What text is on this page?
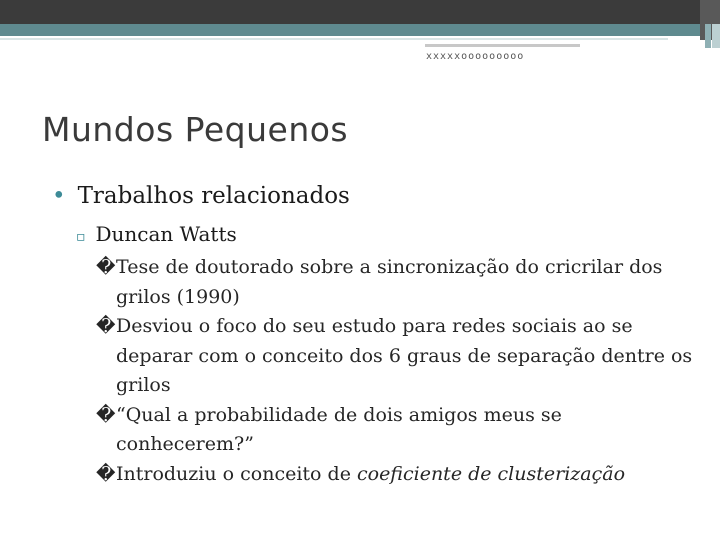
xxxxxooooooooo
Mundos Pequenos
• Trabalhos relacionados
▫ Duncan Watts
�Tese de doutorado sobre a sincronização do cricrilar dos grilos (1990)
�Desviou o foco do seu estudo para redes sociais ao se deparar com o conceito dos 6 graus de separação dentre os grilos
�“Qual a probabilidade de dois amigos meus se conhecerem?”
�Introduziu o conceito de coeficiente de clusterização
